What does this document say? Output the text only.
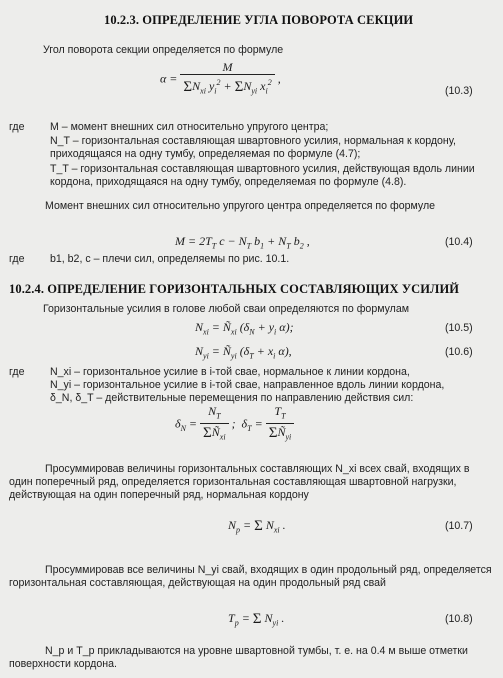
10.2.3. ОПРЕДЕЛЕНИЕ УГЛА ПОВОРОТА СЕКЦИИ
Угол поворота секции определяется по формуле
$\alpha = \frac{M}{\Sigma N_{xi} y_i^2 + \Sigma N_{yi} x_i^2}$ ,
(10.3)
где M – момент внешних сил относительно упругого центра;
N_T – горизонтальная составляющая швартовного усилия, нормальная к кордону, приходящаяся на одну тумбу, определяемая по формуле (4.7);
T_T – горизонтальная составляющая швартовного усилия, действующая вдоль линии кордона, приходящаяся на одну тумбу, определяемая по формуле (4.8).
Момент внешних сил относительно упругого центра определяется по формуле
$M = 2T_T$ $c - N_T$ $b_1 + N_T$ $b_2$ ,	(10.4)
где b1, b2, c – плечи сил, определяемы по рис. 10.1.
10.2.4. ОПРЕДЕЛЕНИЕ ГОРИЗОНТАЛЬНЫХ СОСТАВЛЯЮЩИХ УСИЛИЙ
Горизонтальные усилия в голове любой сваи определяются по формулам
$N_{xi}$ = $Ñ_{xi}$ ($\delta_N + y_i$ α);	(10.5)
$N_{yi}$ = $Ñ_{yi}$ ($\delta_T + x_i$ α),	(10.6)
где N_xi – горизонтальное усилие в i-той свае, нормальное к линии кордона,
N_yi – горизонтальное усилие в i-той свае, направленное вдоль линии кордона,
δ_N, δ_T – действительные перемещения по направлению действия сил:
$\delta_N = \frac{N_T}{\Sigma Ñ_{xi}}$ ;  $\delta_T = \frac{T_T}{\Sigma Ñ_{yi}}$
Просуммировав величины горизонтальных составляющих N_xi всех свай, входящих в один поперечный ряд, определяется горизонтальная составляющая швартовной нагрузки, действующая на один поперечный ряд, нормальная кордону
$N_p = \Sigma$ $N_{xi}$ .	(10.7)
Просуммировав все величины N_yi свай, входящих в один продольный ряд, определяется горизонтальная составляющая, действующая на один продольный ряд свай
$T_p = \Sigma$ $N_{yi}$ .	(10.8)
N_p и T_p прикладываются на уровне швартовной тумбы, т. е. на 0.4 м выше отметки поверхности кордона.
